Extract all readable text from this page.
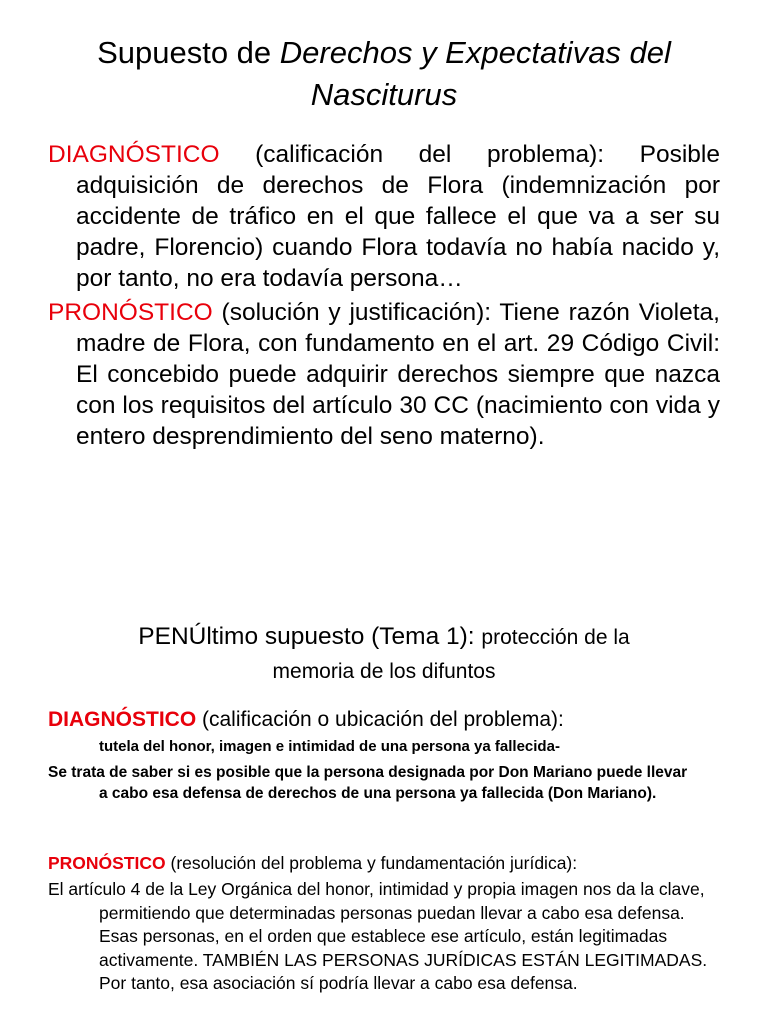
Supuesto de Derechos y Expectativas del
Nasciturus
DIAGNÓSTICO (calificación del problema): Posible adquisición de derechos de Flora (indemnización por accidente de tráfico en el que fallece el que va a ser su padre, Florencio) cuando Flora todavía no había nacido y, por tanto, no era todavía persona…
PRONÓSTICO (solución y justificación): Tiene razón Violeta, madre de Flora, con fundamento en el art. 29 Código Civil: El concebido puede adquirir derechos siempre que nazca con los requisitos del artículo 30 CC (nacimiento con vida y entero desprendimiento del seno materno).
PENÚltimo supuesto (Tema 1): protección de la
memoria de los difuntos
DIAGNÓSTICO (calificación o ubicación del problema):
tutela del honor, imagen e intimidad de una persona ya fallecida-
Se trata de saber si es posible que la persona designada por Don Mariano puede llevar a cabo esa defensa de derechos de una persona ya fallecida (Don Mariano).
PRONÓSTICO (resolución del problema y fundamentación jurídica):
El artículo 4 de la Ley Orgánica del honor, intimidad y propia imagen nos da la clave, permitiendo que determinadas personas puedan llevar a cabo esa defensa. Esas personas, en el orden que establece ese artículo, están legitimadas activamente. TAMBIÉN LAS PERSONAS JURÍDICAS ESTÁN LEGITIMADAS. Por tanto, esa asociación sí podría llevar a cabo esa defensa.
